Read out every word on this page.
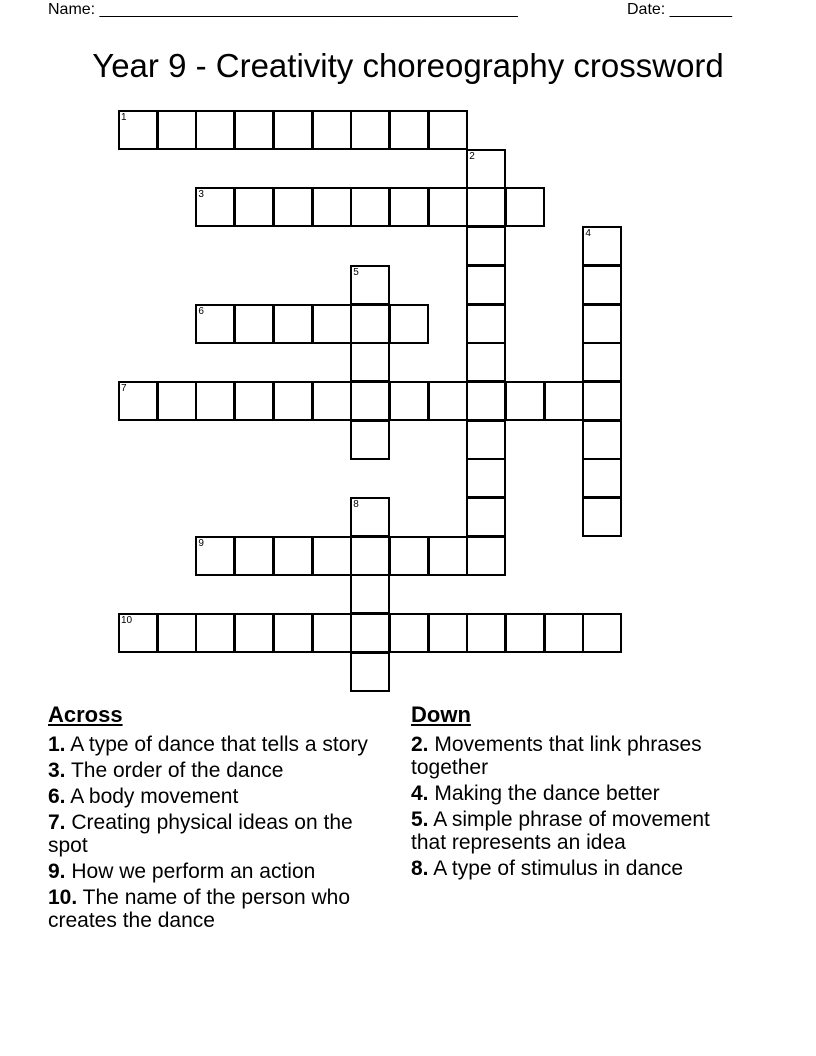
Name: _______________________________________________	Date: _______
Year 9 - Creativity choreography crossword
1
2
3
4
5
6
7
8
9
10
Across
1. A type of dance that tells a story
3. The order of the dance
6. A body movement
7. Creating physical ideas on the spot
9. How we perform an action
10. The name of the person who creates the dance
Down
2. Movements that link phrases together
4. Making the dance better
5. A simple phrase of movement that represents an idea
8. A type of stimulus in dance
